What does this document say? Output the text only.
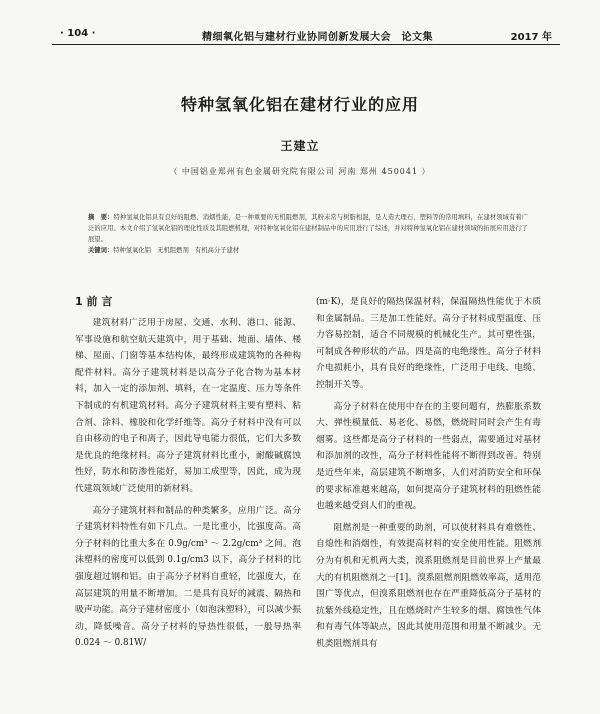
· 104 ·	精细氧化铝与建材行业协同创新发展大会　论文集	2017 年
特种氢氧化铝在建材行业的应用
王建立
（ 中国铝业郑州有色金属研究院有限公司 河南 郑州 450041 ）
摘　要：特种氢氧化铝具有良好的阻燃、消烟性能，是一种重要的无机阻燃剂，其粉末常与树脂相混，是人造大理石、塑料等的常用填料，在建材领域有着广泛的应用。本文介绍了氢氧化铝的理化性质及其阻燃机理，对特种氢氧化铝在建材制品中的应用进行了综述，并对特种氢氧化铝在建材领域的拓展应用进行了展望。
关键词：特种氢氧化铝　无机阻燃剂　有机高分子建材
1 前 言

建筑材料广泛用于房屋、交通、水利、港口、能源、军事设施和航空航天建筑中，用于基础、地面、墙体、楼梯、屋面、门窗等基本结构体，最终形成建筑物的各种构配件材料。高分子建筑材料是以高分子化合物为基本材料，加入一定的添加剂、填料，在一定温度、压力等条件下制成的有机建筑材料。高分子建筑材料主要有塑料、粘合剂、涂料、橡胶和化学纤维等。高分子材料中没有可以自由移动的电子和离子，因此导电能力很低，它们大多数是优良的绝缘材料。高分子建筑材料比重小，耐酸碱腐蚀性好，防水和防渗性能好，易加工成型等，因此，成为现代建筑领域广泛使用的新材料。

高分子建筑材料和制品的种类繁多，应用广泛。高分子建筑材料特性有如下几点。一是比重小，比强度高。高分子材料的比重大多在 0.9g/cm³ ～ 2.2g/cm³ 之间。泡沫塑料的密度可以低到 0.1g/cm3 以下，高分子材料的比强度超过钢和铝。由于高分子材料自重轻，比强度大，在高层建筑的用量不断增加。二是具有良好的减震、隔热和吸声功能。高分子建材密度小（如泡沫塑料），可以减少振动，降低噪音。高分子材料的导热性很低，一般导热率 0.024 ～ 0.81W/

(m·K)，是良好的隔热保温材料，保温隔热性能优于木质和金属制品。三是加工性能好。高分子材料成型温度、压力容易控制，适合不同规模的机械化生产。其可塑性强，可制成各种形状的产品。四是高的电绝缘性。高分子材料介电损耗小，具有良好的绝缘性，广泛用于电线、电缆、控制开关等。

高分子材料在使用中存在的主要问题有，热膨胀系数大、弹性模量低、易老化、易燃，燃烧时同时会产生有毒烟雾。这些都是高分子材料的一些弱点，需要通过对基材和添加剂的改性，高分子材料性能将不断得到改善。特别是近些年来，高层建筑不断增多，人们对消防安全和环保的要求标准越来越高，如何提高分子建筑材料的阻燃性能也越来越受到人们的重视。

阻燃剂是一种重要的助剂，可以使材料具有难燃性、自熄性和消烟性，有效提高材料的安全使用性能。阻燃剂分为有机和无机两大类，溴系阻燃剂是目前世界上产量最大的有机阻燃剂之一[1]。溴系阻燃剂阻燃效率高，适用范围广等优点，但溴系阻燃剂也存在严重降低高分子基材的抗紫外线稳定性，且在燃烧时产生较多的烟、腐蚀性气体和有毒气体等缺点，因此其使用范围和用量不断减少。无机类阻燃剂具有
